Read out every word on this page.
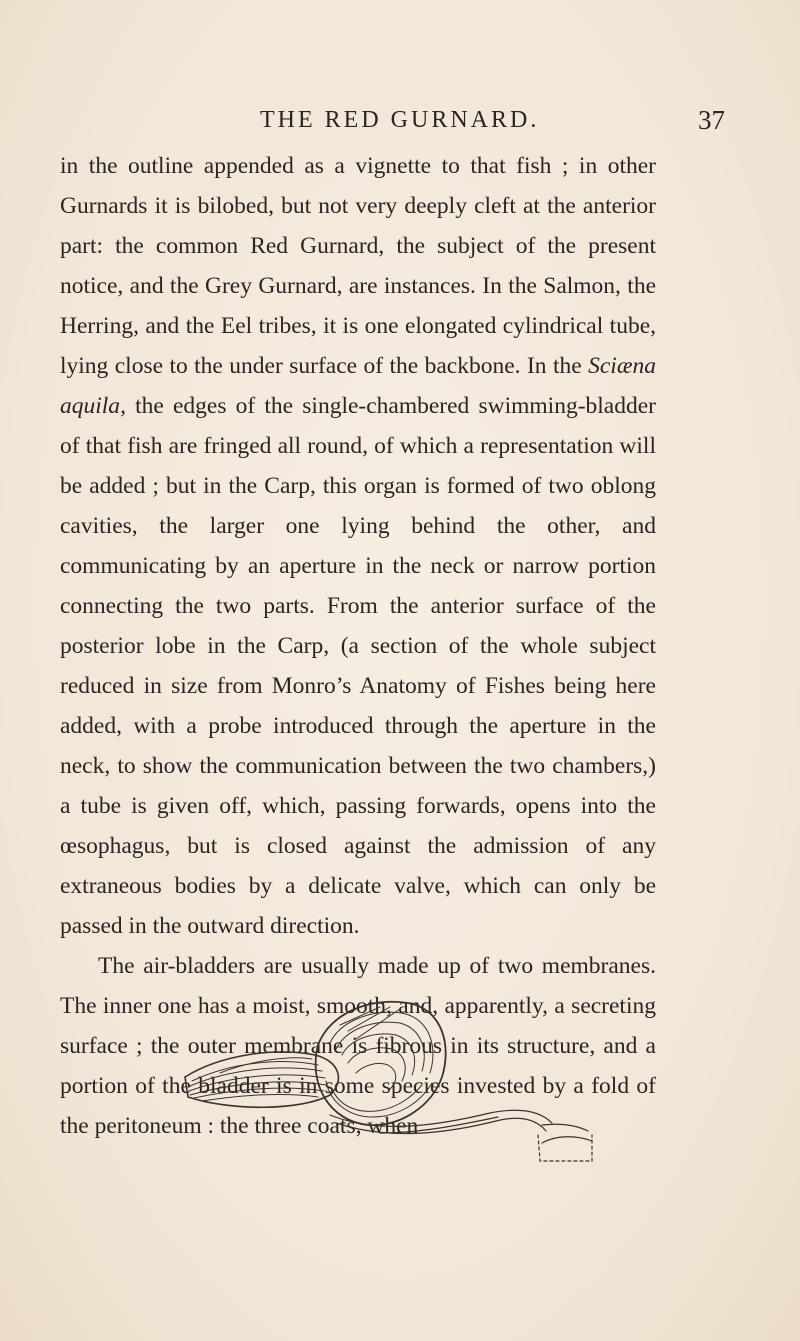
THE RED GURNARD.	37

in the outline appended as a vignette to that fish ; in other Gurnards it is bilobed, but not very deeply cleft at the anterior part: the common Red Gurnard, the subject of the present notice, and the Grey Gurnard, are instances. In the Salmon, the Herring, and the Eel tribes, it is one elongated cylindrical tube, lying close to the under surface of the backbone. In the Sciæna aquila, the edges of the single-chambered swimming-bladder of that fish are fringed all round, of which a representation will be added ; but in the Carp, this organ is formed of two oblong cavities, the larger one lying behind the other, and communicating by an aperture in the neck or narrow portion connecting the two parts. From the anterior surface of the posterior lobe in the Carp, (a section of the whole subject reduced in size from Monro’s Anatomy of Fishes being here added, with a probe introduced through the aperture in the neck, to show the communication between the two chambers,) a tube is given off, which, passing forwards, opens into the œsophagus, but is closed against the admission of any extraneous bodies by a delicate valve, which can only be passed in the outward direction.

The air-bladders are usually made up of two membranes. The inner one has a moist, smooth, and, apparently, a secreting surface ; the outer membrane is fibrous in its structure, and a portion of the bladder is in some species invested by a fold of the peritoneum : the three coats, when
